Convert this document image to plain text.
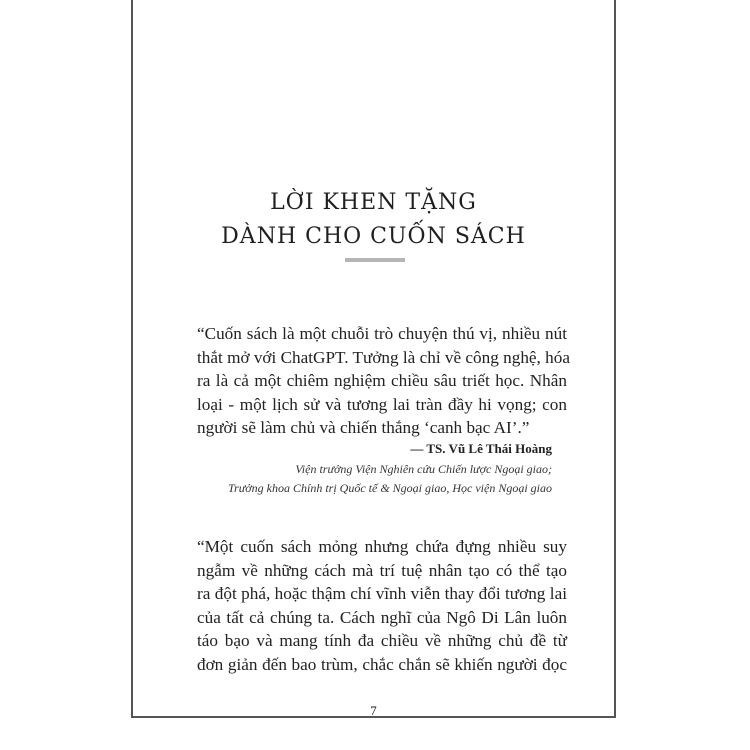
LỜI KHEN TẶNG
DÀNH CHO CUỐN SÁCH
“Cuốn sách là một chuỗi trò chuyện thú vị, nhiều nút
thắt mở với ChatGPT. Tưởng là chỉ về công nghệ, hóa
ra là cả một chiêm nghiệm chiều sâu triết học. Nhân
loại - một lịch sử và tương lai tràn đầy hi vọng; con
người sẽ làm chủ và chiến thắng ‘canh bạc AI’.”
— TS. Vũ Lê Thái Hoàng
Viện trưởng Viện Nghiên cứu Chiến lược Ngoại giao;
Trưởng khoa Chính trị Quốc tế & Ngoại giao, Học viện Ngoại giao
“Một cuốn sách mỏng nhưng chứa đựng nhiều suy
ngẫm về những cách mà trí tuệ nhân tạo có thể tạo
ra đột phá, hoặc thậm chí vĩnh viễn thay đổi tương lai
của tất cả chúng ta. Cách nghĩ của Ngô Di Lân luôn
táo bạo và mang tính đa chiều về những chủ đề từ
đơn giản đến bao trùm, chắc chắn sẽ khiến người đọc
7
